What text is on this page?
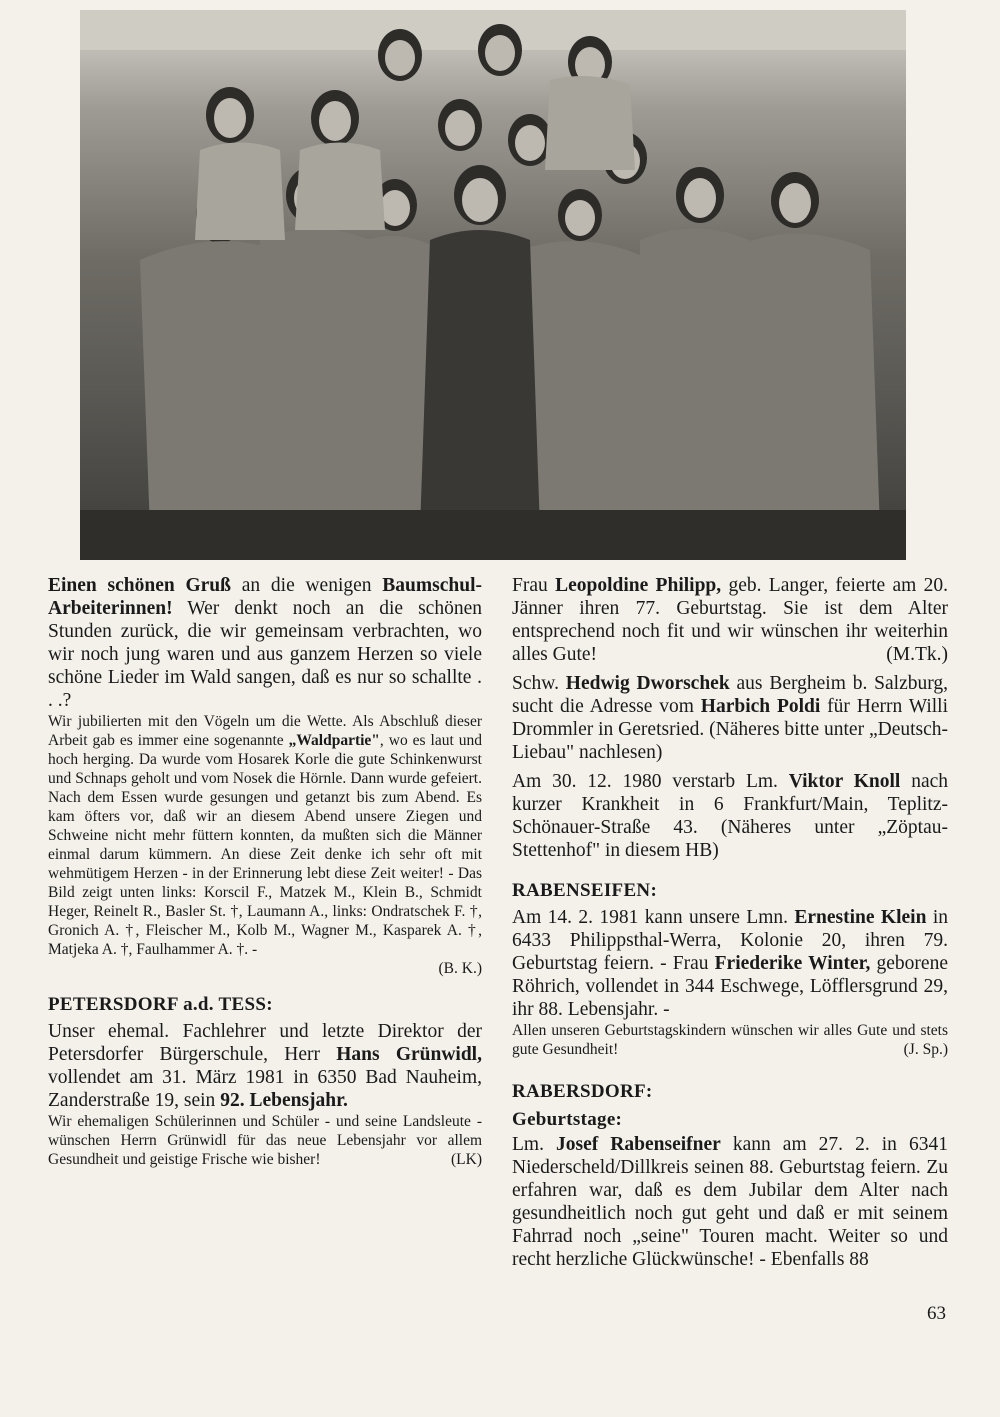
Einen schönen Gruß an die wenigen Baumschul-Arbeiterinnen! Wer denkt noch an die schönen Stunden zurück, die wir gemeinsam verbrachten, wo wir noch jung waren und aus ganzem Herzen so viele schöne Lieder im Wald sangen, daß es nur so schallte . . .?

Wir jubilierten mit den Vögeln um die Wette. Als Abschluß dieser Arbeit gab es immer eine sogenannte „Waldpartie", wo es laut und hoch herging. Da wurde vom Hosarek Korle die gute Schinkenwurst und Schnaps geholt und vom Nosek die Hörnle. Dann wurde gefeiert. Nach dem Essen wurde gesungen und getanzt bis zum Abend. Es kam öfters vor, daß wir an diesem Abend unsere Ziegen und Schweine nicht mehr füttern konnten, da mußten sich die Männer einmal darum kümmern. An diese Zeit denke ich sehr oft mit wehmütigem Herzen - in der Erinnerung lebt diese Zeit weiter! - Das Bild zeigt unten links: Korscil F., Matzek M., Klein B., Schmidt Heger, Reinelt R., Basler St. †, Laumann A., links: Ondratschek F. †, Gronich A. †, Fleischer M., Kolb M., Wagner M., Kasparek A. †, Matjeka A. †, Faulhammer A. †. -

(B. K.)

PETERSDORF a.d. TESS:

Unser ehemal. Fachlehrer und letzte Direktor der Petersdorfer Bürgerschule, Herr Hans Grünwidl, vollendet am 31. März 1981 in 6350 Bad Nauheim, Zanderstraße 19, sein 92. Lebensjahr.

Wir ehemaligen Schülerinnen und Schüler - und seine Landsleute - wünschen Herrn Grünwidl für das neue Lebensjahr vor allem Gesundheit und geistige Frische wie bisher!	(LK)

Frau Leopoldine Philipp, geb. Langer, feierte am 20. Jänner ihren 77. Geburtstag. Sie ist dem Alter entsprechend noch fit und wir wünschen ihr weiterhin alles Gute!	(M.Tk.)

Schw. Hedwig Dworschek aus Bergheim b. Salzburg, sucht die Adresse vom Harbich Poldi für Herrn Willi Drommler in Geretsried. (Näheres bitte unter „Deutsch-Liebau" nachlesen)

Am 30. 12. 1980 verstarb Lm. Viktor Knoll nach kurzer Krankheit in 6 Frankfurt/Main, Teplitz-Schönauer-Straße 43. (Näheres unter „Zöptau-Stettenhof" in diesem HB)

RABENSEIFEN:

Am 14. 2. 1981 kann unsere Lmn. Ernestine Klein in 6433 Philippsthal-Werra, Kolonie 20, ihren 79. Geburtstag feiern. - Frau Friederike Winter, geborene Röhrich, vollendet in 344 Eschwege, Löfflersgrund 29, ihr 88. Lebensjahr. -

Allen unseren Geburtstagskindern wünschen wir alles Gute und stets gute Gesundheit!	(J. Sp.)

RABERSDORF:

Geburtstage:

Lm. Josef Rabenseifner kann am 27. 2. in 6341 Niederscheld/Dillkreis seinen 88. Geburtstag feiern. Zu erfahren war, daß es dem Jubilar dem Alter nach gesundheitlich noch gut geht und daß er mit seinem Fahrrad noch „seine" Touren macht. Weiter so und recht herzliche Glückwünsche! - Ebenfalls 88

63
